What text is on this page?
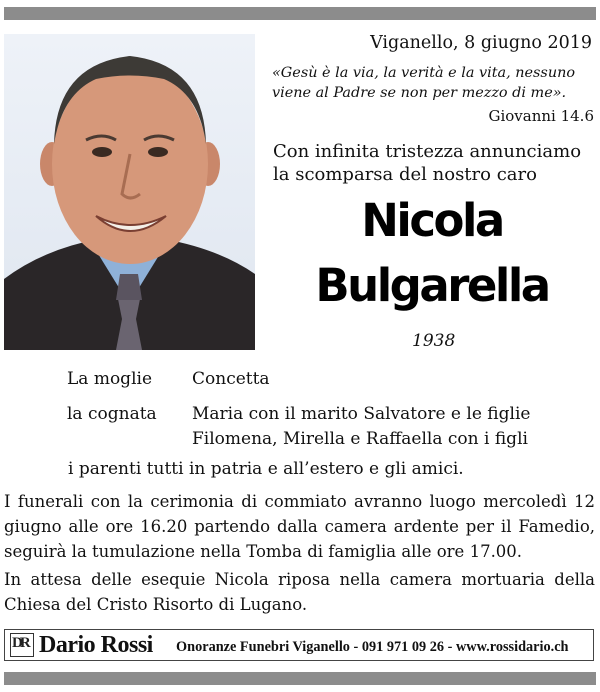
Viganello, 8 giugno 2019
«Gesù è la via, la verità e la vita, nessuno viene al Padre se non per mezzo di me».
Giovanni 14.6
Con infinita tristezza annunciamo la scomparsa del nostro caro
Nicola
Bulgarella
1938
La moglie Concetta
la cognata Maria con il marito Salvatore e le figlie
Filomena, Mirella e Raffaella con i figli
i parenti tutti in patria e all’estero e gli amici.
I funerali con la cerimonia di commiato avranno luogo mercoledì 12 giugno alle ore 16.20 partendo dalla camera ardente per il Famedio, seguirà la tumulazione nella Tomba di famiglia alle ore 17.00.
In attesa delle esequie Nicola riposa nella camera mortuaria della Chiesa del Cristo Risorto di Lugano.
DR Dario Rossi Onoranze Funebri Viganello - 091 971 09 26 - www.rossidario.ch
